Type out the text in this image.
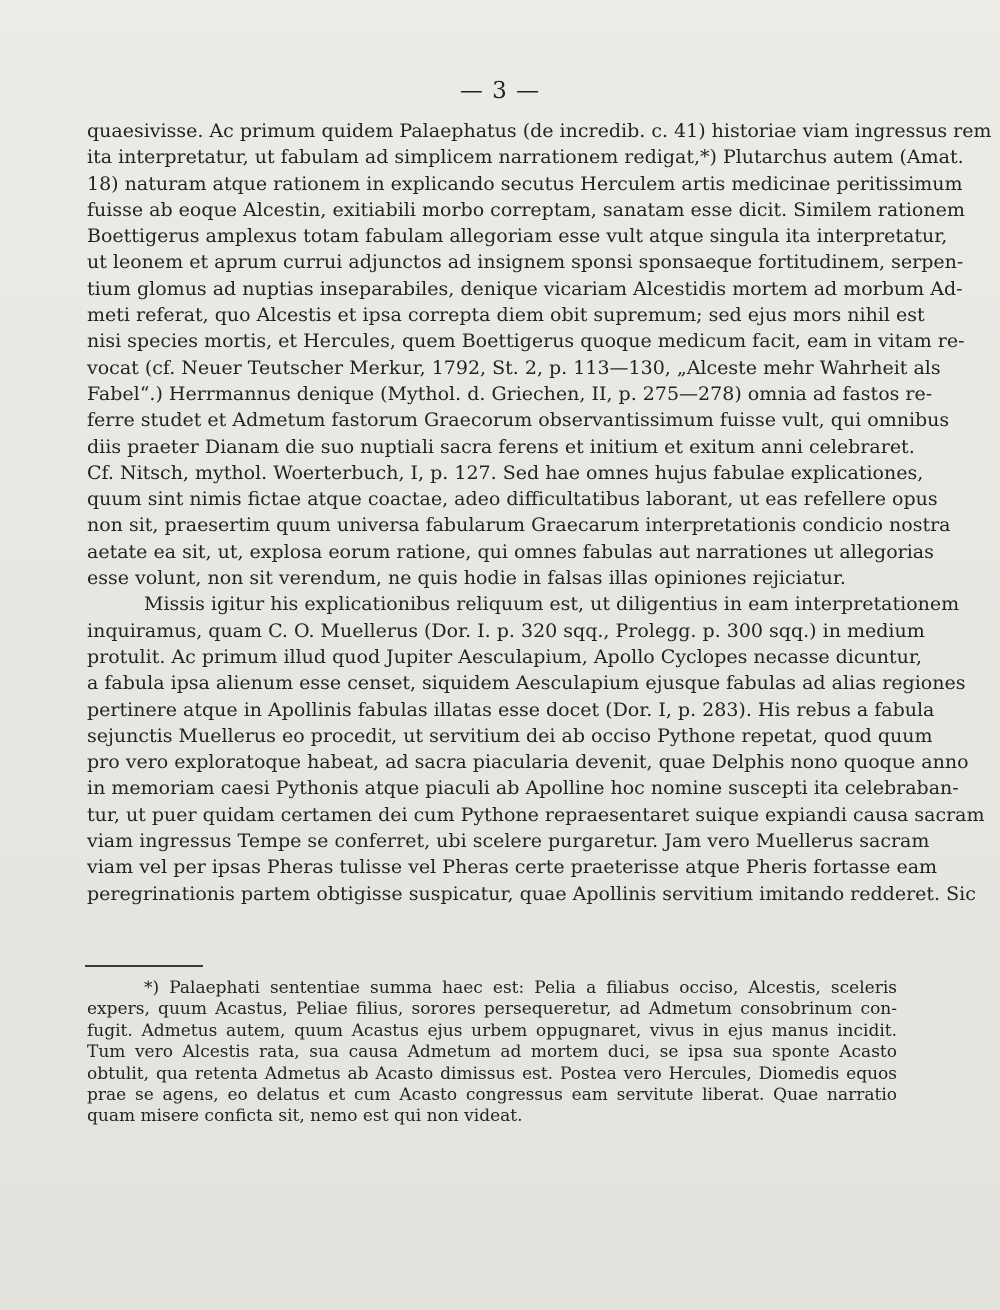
— 3 —
quaesivisse. Ac primum quidem Palaephatus (de incredib. c. 41) historiae viam ingressus rem
ita interpretatur, ut fabulam ad simplicem narrationem redigat,*) Plutarchus autem (Amat.
18) naturam atque rationem in explicando secutus Herculem artis medicinae peritissimum
fuisse ab eoque Alcestin, exitiabili morbo correptam, sanatam esse dicit. Similem rationem
Boettigerus amplexus totam fabulam allegoriam esse vult atque singula ita interpretatur,
ut leonem et aprum currui adjunctos ad insignem sponsi sponsaeque fortitudinem, serpen-
tium glomus ad nuptias inseparabiles, denique vicariam Alcestidis mortem ad morbum Ad-
meti referat, quo Alcestis et ipsa correpta diem obit supremum; sed ejus mors nihil est
nisi species mortis, et Hercules, quem Boettigerus quoque medicum facit, eam in vitam re-
vocat (cf. Neuer Teutscher Merkur, 1792, St. 2, p. 113—130, „Alceste mehr Wahrheit als
Fabel“.) Herrmannus denique (Mythol. d. Griechen, II, p. 275—278) omnia ad fastos re-
ferre studet et Admetum fastorum Graecorum observantissimum fuisse vult, qui omnibus
diis praeter Dianam die suo nuptiali sacra ferens et initium et exitum anni celebraret.
Cf. Nitsch, mythol. Woerterbuch, I, p. 127. Sed hae omnes hujus fabulae explicationes,
quum sint nimis fictae atque coactae, adeo difficultatibus laborant, ut eas refellere opus
non sit, praesertim quum universa fabularum Graecarum interpretationis condicio nostra
aetate ea sit, ut, explosa eorum ratione, qui omnes fabulas aut narrationes ut allegorias
esse volunt, non sit verendum, ne quis hodie in falsas illas opiniones rejiciatur.
Missis igitur his explicationibus reliquum est, ut diligentius in eam interpretationem
inquiramus, quam C. O. Muellerus (Dor. I. p. 320 sqq., Prolegg. p. 300 sqq.) in medium
protulit. Ac primum illud quod Jupiter Aesculapium, Apollo Cyclopes necasse dicuntur,
a fabula ipsa alienum esse censet, siquidem Aesculapium ejusque fabulas ad alias regiones
pertinere atque in Apollinis fabulas illatas esse docet (Dor. I, p. 283). His rebus a fabula
sejunctis Muellerus eo procedit, ut servitium dei ab occiso Pythone repetat, quod quum
pro vero exploratoque habeat, ad sacra piacularia devenit, quae Delphis nono quoque anno
in memoriam caesi Pythonis atque piaculi ab Apolline hoc nomine suscepti ita celebraban-
tur, ut puer quidam certamen dei cum Pythone repraesentaret suique expiandi causa sacram
viam ingressus Tempe se conferret, ubi scelere purgaretur. Jam vero Muellerus sacram
viam vel per ipsas Pheras tulisse vel Pheras certe praeterisse atque Pheris fortasse eam
peregrinationis partem obtigisse suspicatur, quae Apollinis servitium imitando redderet. Sic
*) Palaephati sententiae summa haec est: Pelia a filiabus occiso, Alcestis, sceleris
expers, quum Acastus, Peliae filius, sorores persequeretur, ad Admetum consobrinum con-
fugit. Admetus autem, quum Acastus ejus urbem oppugnaret, vivus in ejus manus incidit.
Tum vero Alcestis rata, sua causa Admetum ad mortem duci, se ipsa sua sponte Acasto
obtulit, qua retenta Admetus ab Acasto dimissus est. Postea vero Hercules, Diomedis equos
prae se agens, eo delatus et cum Acasto congressus eam servitute liberat. Quae narratio
quam misere conficta sit, nemo est qui non videat.
